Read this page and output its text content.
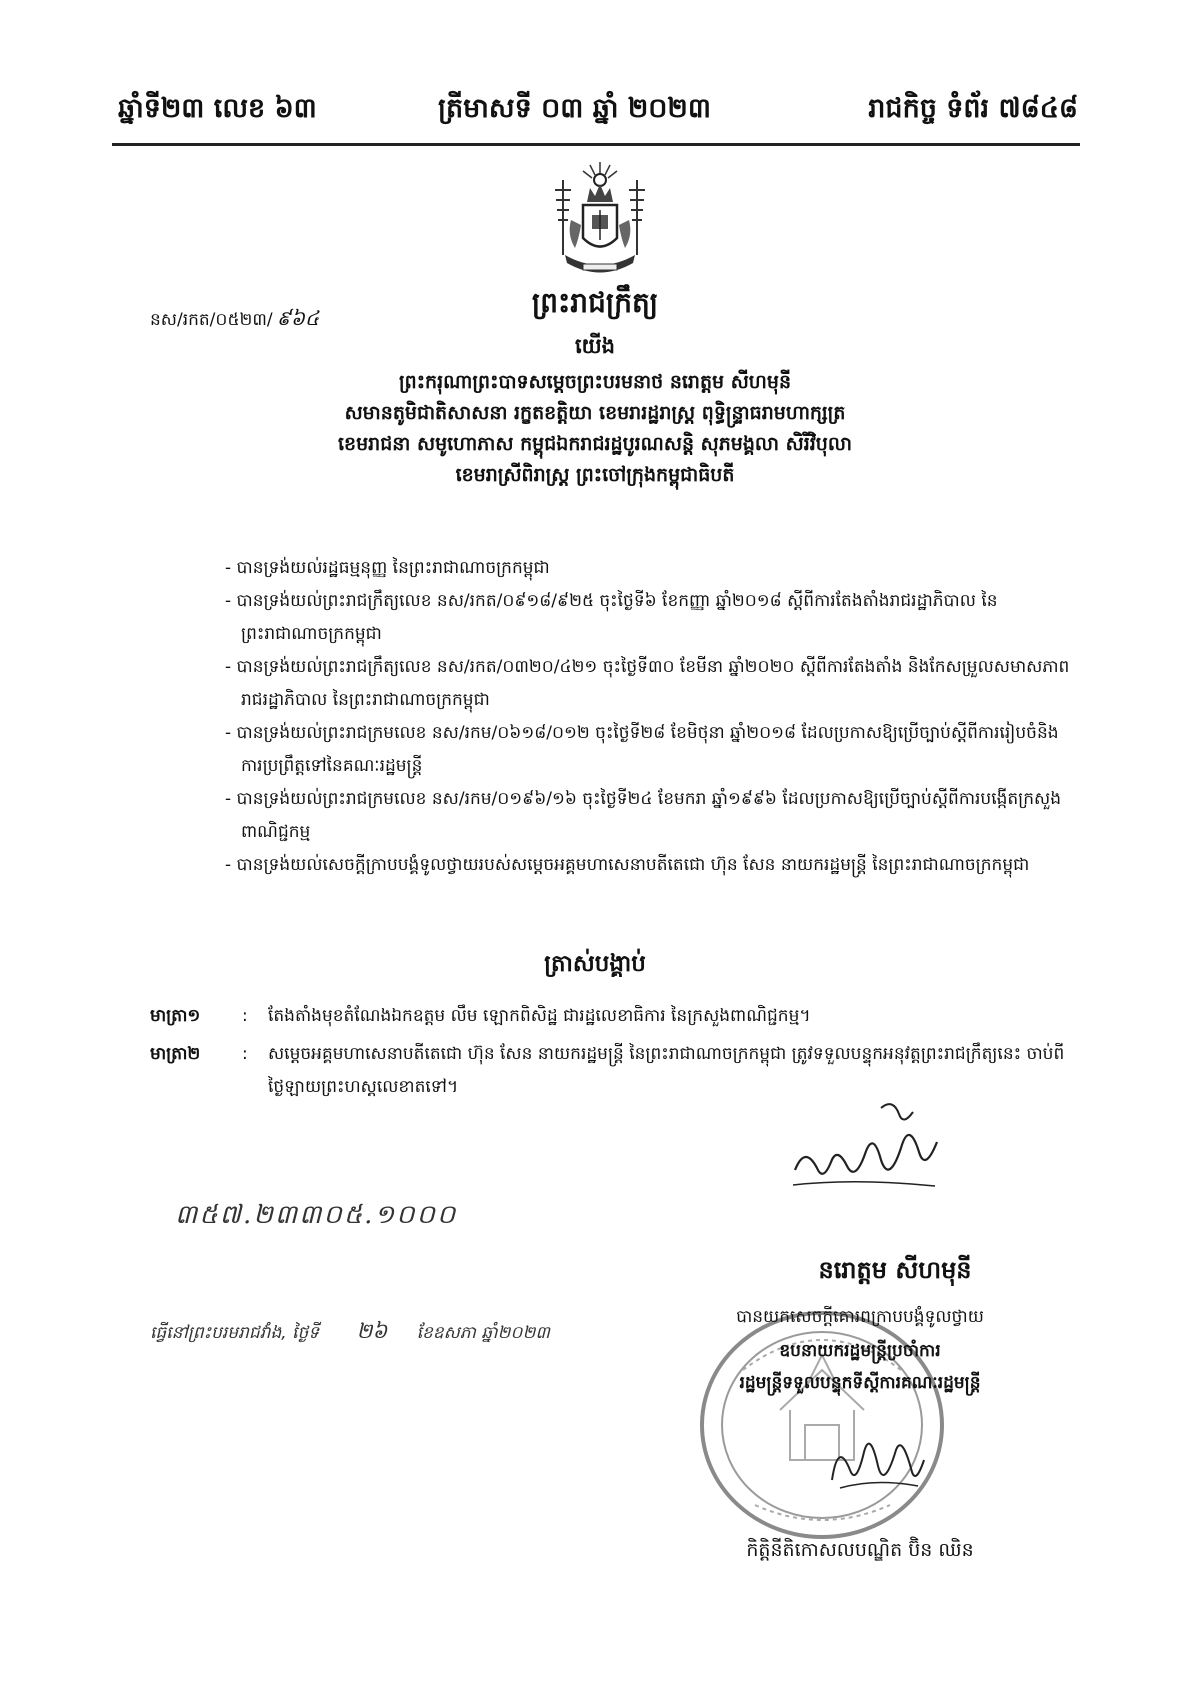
ឆ្នាំទី២៣ លេខ ៦៣	ត្រីមាសទី ០៣ ឆ្នាំ ២០២៣	រាជកិច្ច ទំព័រ ៧៨៤៨
ព្រះរាជក្រឹត្យ
នស/រកត/០៥២៣/ ៩៦៤
យើង
ព្រះករុណាព្រះបាទសម្តេចព្រះបរមនាថ នរោត្តម សីហមុនី
សមានតូមិជាតិសាសនា រក្ខតខត្តិយា ខេមរារដ្ឋរាស្ត្រ ពុទ្ធិន្ទ្រាធរាមហាក្សត្រ
ខេមរាជនា សមូហោភាស កម្ពុជឯករាជរដ្ឋបូរណសន្តិ សុភមង្គលា សិរីវិបុលា
ខេមរាស្រីពិរាស្ត្រ ព្រះចៅក្រុងកម្ពុជាធិបតី
- បានទ្រង់យល់រដ្ឋធម្មនុញ្ញ នៃព្រះរាជាណាចក្រកម្ពុជា
- បានទ្រង់យល់ព្រះរាជក្រឹត្យលេខ នស/រកត/០៩១៨/៩២៥ ចុះថ្ងៃទី៦ ខែកញ្ញា ឆ្នាំ២០១៨ ស្តីពីការតែងតាំងរាជរដ្ឋាភិបាល នៃព្រះរាជាណាចក្រកម្ពុជា
- បានទ្រង់យល់ព្រះរាជក្រឹត្យលេខ នស/រកត/០៣២០/៤២១ ចុះថ្ងៃទី៣០ ខែមីនា ឆ្នាំ២០២០ ស្តីពីការតែងតាំង និងកែសម្រួលសមាសភាពរាជរដ្ឋាភិបាល នៃព្រះរាជាណាចក្រកម្ពុជា
- បានទ្រង់យល់ព្រះរាជក្រមលេខ នស/រកម/០៦១៨/០១២ ចុះថ្ងៃទី២៨ ខែមិថុនា ឆ្នាំ២០១៨ ដែលប្រកាសឱ្យប្រើច្បាប់ស្តីពីការរៀបចំនិងការប្រព្រឹត្តទៅនៃគណៈរដ្ឋមន្ត្រី
- បានទ្រង់យល់ព្រះរាជក្រមលេខ នស/រកម/០១៩៦/១៦ ចុះថ្ងៃទី២៤ ខែមករា ឆ្នាំ១៩៩៦ ដែលប្រកាសឱ្យប្រើច្បាប់ស្តីពីការបង្កើតក្រសួងពាណិជ្ជកម្ម
- បានទ្រង់យល់សេចក្តីក្រាបបង្គំទូលថ្វាយរបស់សម្តេចអគ្គមហាសេនាបតីតេជោ ហ៊ុន សែន នាយករដ្ឋមន្ត្រី នៃព្រះរាជាណាចក្រកម្ពុជា
ត្រាស់បង្គាប់
មាត្រា១ : តែងតាំងមុខតំណែងឯកឧត្តម លឹម ឡោកពិសិដ្ឋ ជារដ្ឋលេខាធិការ នៃក្រសួងពាណិជ្ជកម្ម។
មាត្រា២ : សម្តេចអគ្គមហាសេនាបតីតេជោ ហ៊ុន សែន នាយករដ្ឋមន្ត្រី នៃព្រះរាជាណាចក្រកម្ពុជា ត្រូវទទួលបន្ទុកអនុវត្តព្រះរាជក្រឹត្យនេះ ចាប់ពីថ្ងៃឡាយព្រះហស្តលេខាតទៅ។
៣៥៧.២៣៣០៥.១០០០
នរោត្តម សីហមុនី
ធ្វើនៅព្រះបរមរាជវាំង, ថ្ងៃទី ២៦ ខែឧសភា ឆ្នាំ២០២៣
បានយកសេចក្តីគោរពក្រាបបង្គំទូលថ្វាយ
ឧបនាយករដ្ឋមន្ត្រីប្រចាំការ
រដ្ឋមន្ត្រីទទួលបន្ទុកទីស្តីការគណៈរដ្ឋមន្ត្រី
កិត្តិនីតិកោសលបណ្ឌិត ប៊ិន ឈិន
